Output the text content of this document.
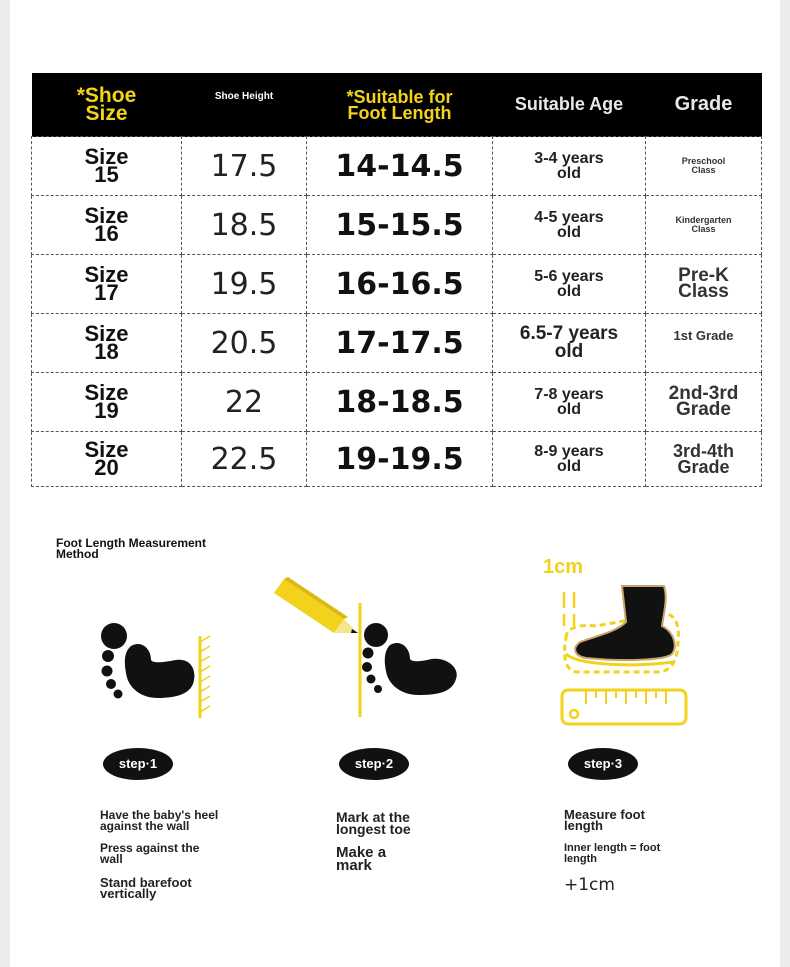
*Shoe Size	$^{Shoe Height}$	*Suitable for Foot Length	Suitable Age	Grade

Size 15	17.5	14-14.5	3-4 years old	Preschool Class

Size 16	18.5	15-15.5	4-5 years old	Kindergarten Class

Size 17	19.5	16-16.5	5-6 years old	Pre-K Class

Size 18	20.5	17-17.5	6.5-7 years old	1st Grade

Size 19	22	18-18.5	7-8 years old	2nd-3rd Grade

Size 20	22.5	19-19.5	8-9 years old	3rd-4th Grade
Foot Length Measurement Method
1cm
step·1	step·2	step·3
Have the baby's heel against the wall
Press against the wall
Stand barefoot vertically
Mark at the longest toe
Make a mark
Measure foot length
Inner length = foot length
+1cm
